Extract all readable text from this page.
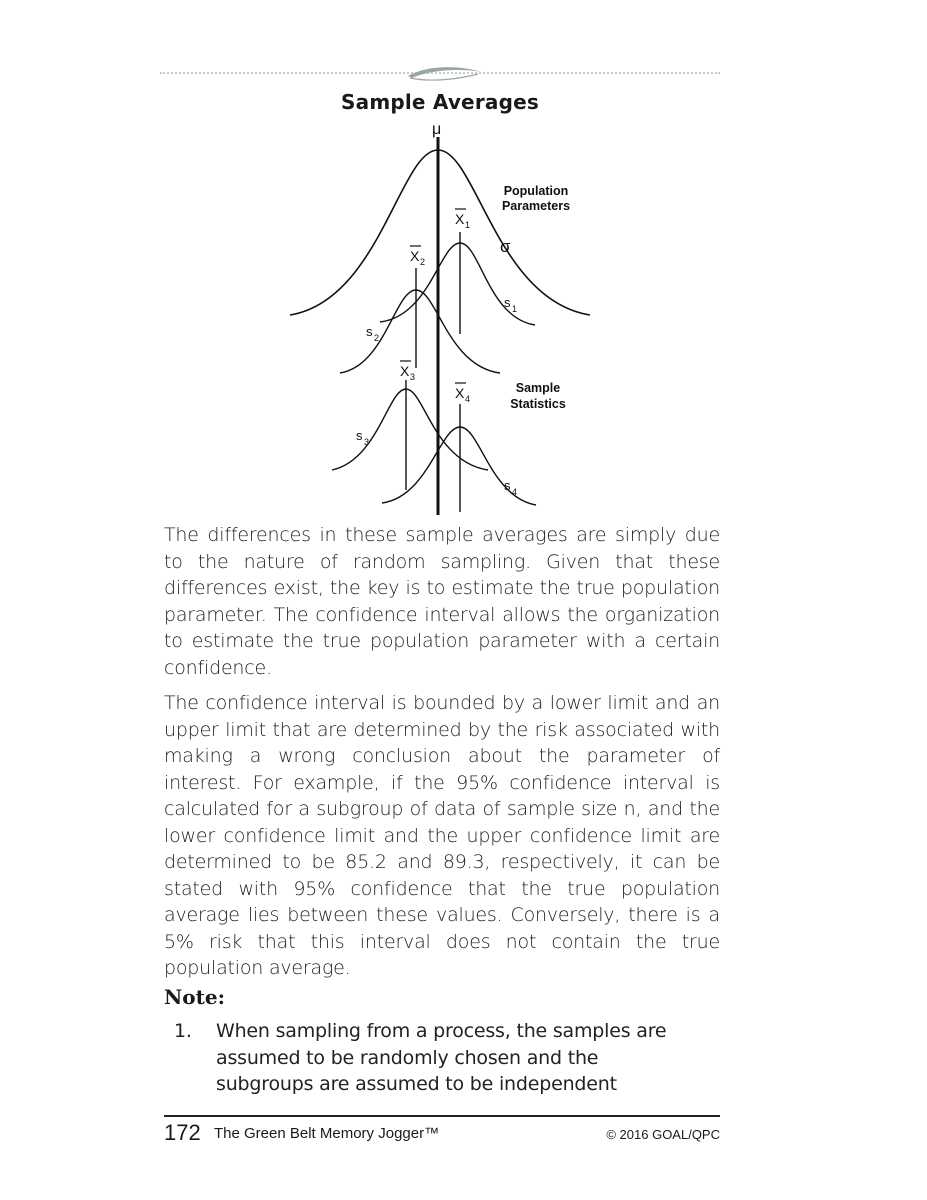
Sample Averages
μ
σ
Population
Parameters
Sample
Statistics
X 1
X 2
X 3
X 4
s 1
s 2
s 3
s 4
The differences in these sample averages are simply due to the nature of random sampling. Given that these differences exist, the key is to estimate the true population parameter. The confidence interval allows the organization to estimate the true population parameter with a certain confidence.
The confidence interval is bounded by a lower limit and an upper limit that are determined by the risk associated with making a wrong conclusion about the parameter of interest. For example, if the 95% confidence interval is calculated for a subgroup of data of sample size n, and the lower confidence limit and the upper confidence limit are determined to be 85.2 and 89.3, respectively, it can be stated with 95% confidence that the true population average lies between these values. Conversely, there is a 5% risk that this interval does not contain the true population average.
Note:
1. When sampling from a process, the samples are assumed to be randomly chosen and the subgroups are assumed to be independent
172 The Green Belt Memory Jogger™	© 2016 GOAL/QPC
